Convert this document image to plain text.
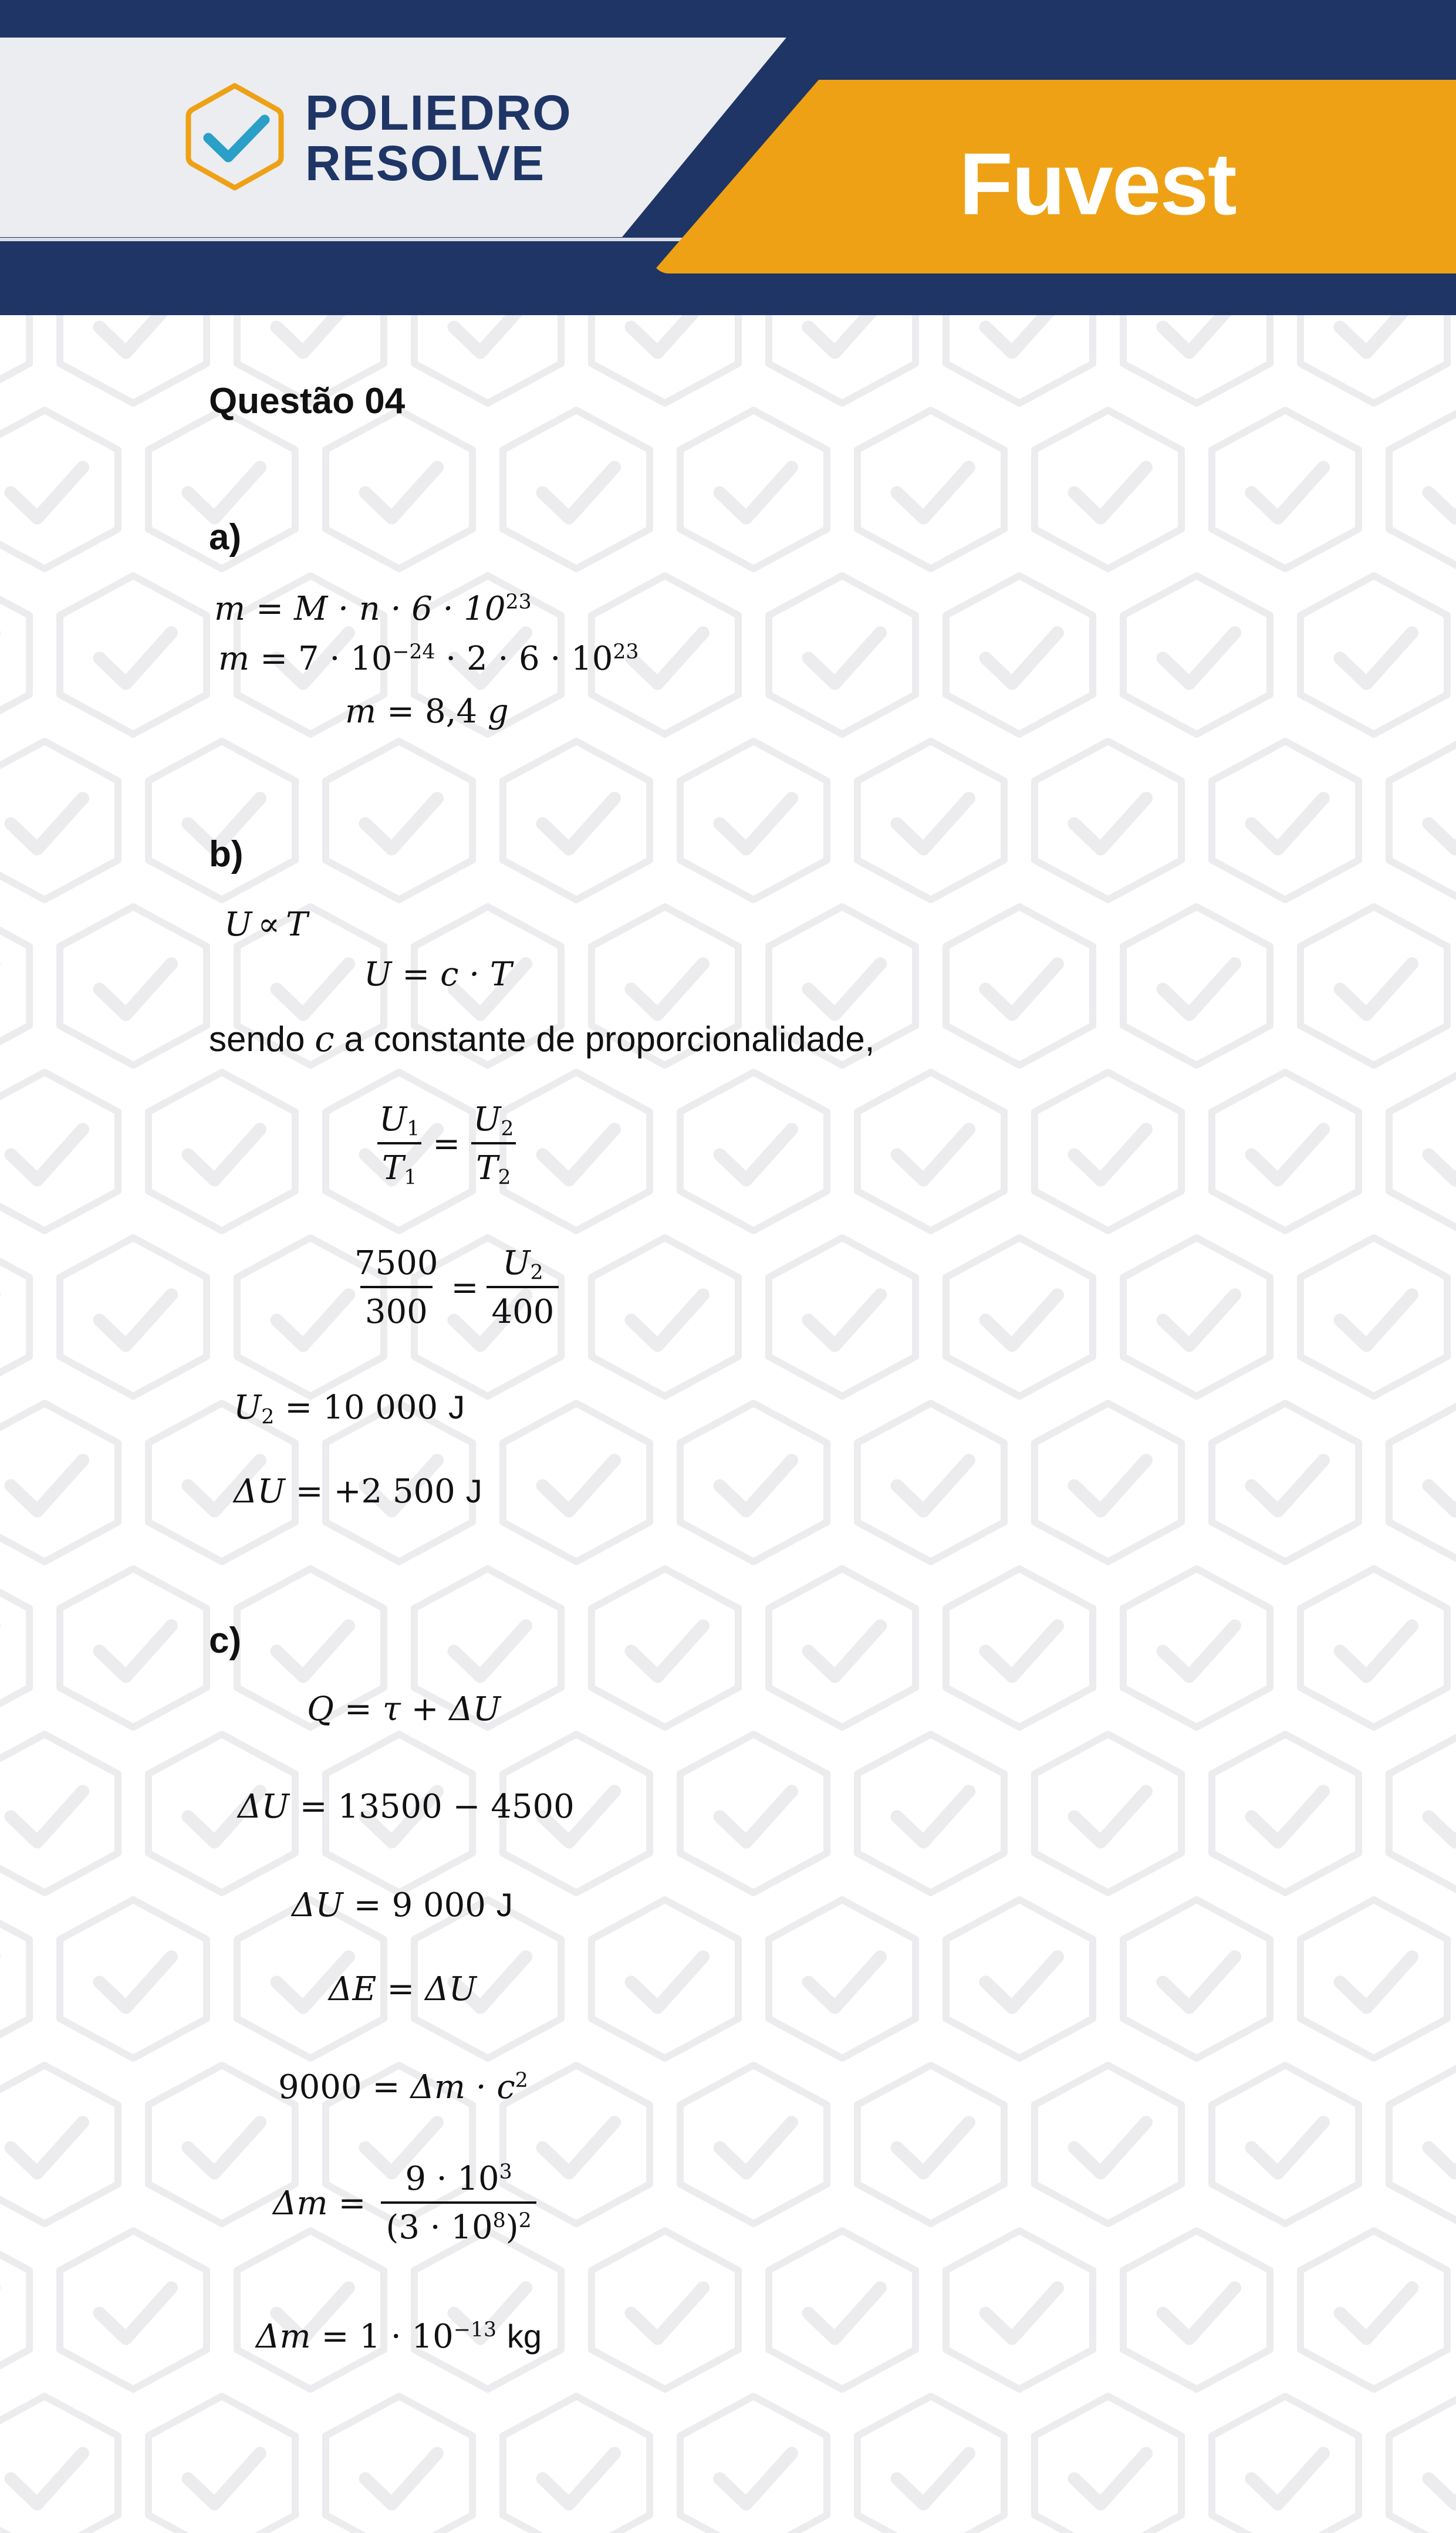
POLIEDRO
RESOLVE	Fuvest
Questão 04
a)
$m = M \cdot n \cdot 6 \cdot 10^{23}$
$m = 7 \cdot 10^{-24} \cdot 2 \cdot 6 \cdot 10^{23}$
m = 8,4 g
b)
U ∝ T
U = c · T
sendo c a constante de proporcionalidade,
$\frac{U_1}{T_1} = \frac{U_2}{T_2}$
$\frac{7500}{300} = \frac{U_2}{400}$
$U_2 = 10$ 000 J
ΔU = +2 500 J
c)
Q = τ + ΔU
ΔU = 13500 − 4500
ΔU = 9 000 J
ΔE = ΔU
$9000 = \Delta m \cdot c^2$
$\Delta m = \frac{9 \cdot 10^3}{(3 \cdot 10^8)^2}$
$\Delta m = 1 \cdot 10^{-13}$ kg
